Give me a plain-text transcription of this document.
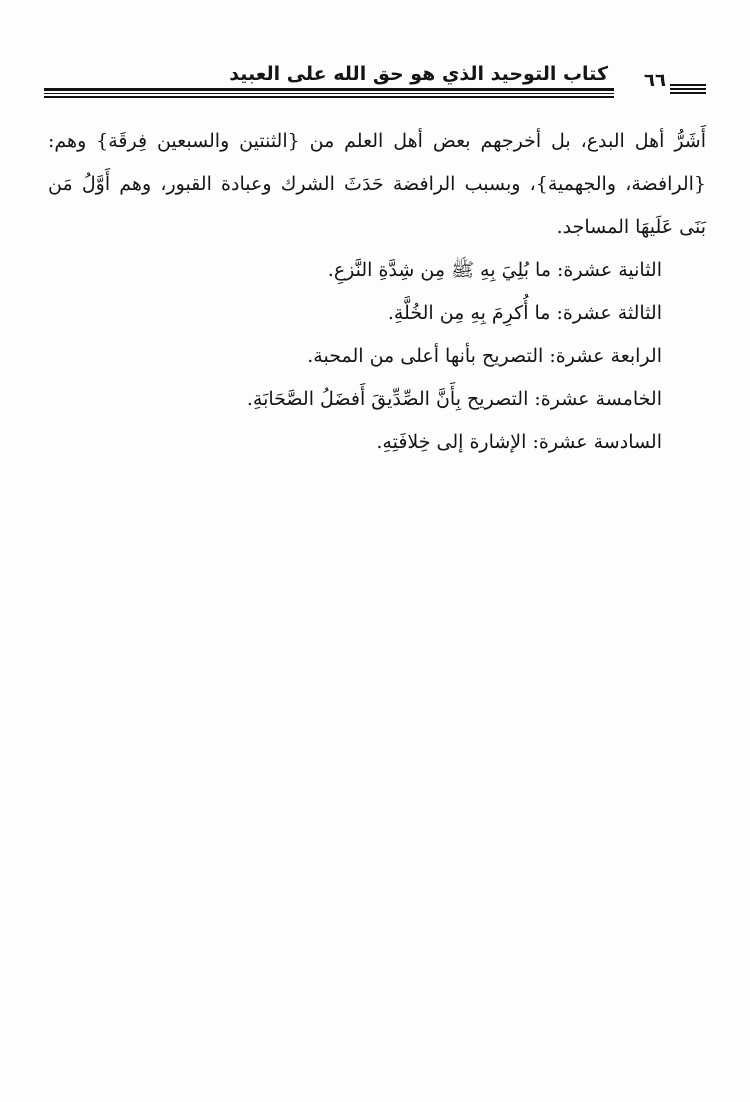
كتاب التوحيد الذي هو حق الله على العبيد ٦٦

أَشَرُّ أهل البدع، بل أخرجهم بعض أهل العلم من {الثنتين والسبعين فِرقَة} وهم: {الرافضة، والجهمية}، وبسبب الرافضة حَدَثَ الشرك وعبادة القبور، وهم أَوَّلُ مَن بَنَى عَلَيهَا المساجد.

الثانية عشرة: ما بُلِيَ بِهِ ﷺ مِن شِدَّةِ النَّزعِ.

الثالثة عشرة: ما أُكرِمَ بِهِ مِن الخُلَّةِ.

الرابعة عشرة: التصريح بأنها أعلى من المحبة.

الخامسة عشرة: التصريح بِأَنَّ الصِّدِّيقَ أَفضَلُ الصَّحَابَةِ.

السادسة عشرة: الإشارة إلى خِلافَتِهِ.
